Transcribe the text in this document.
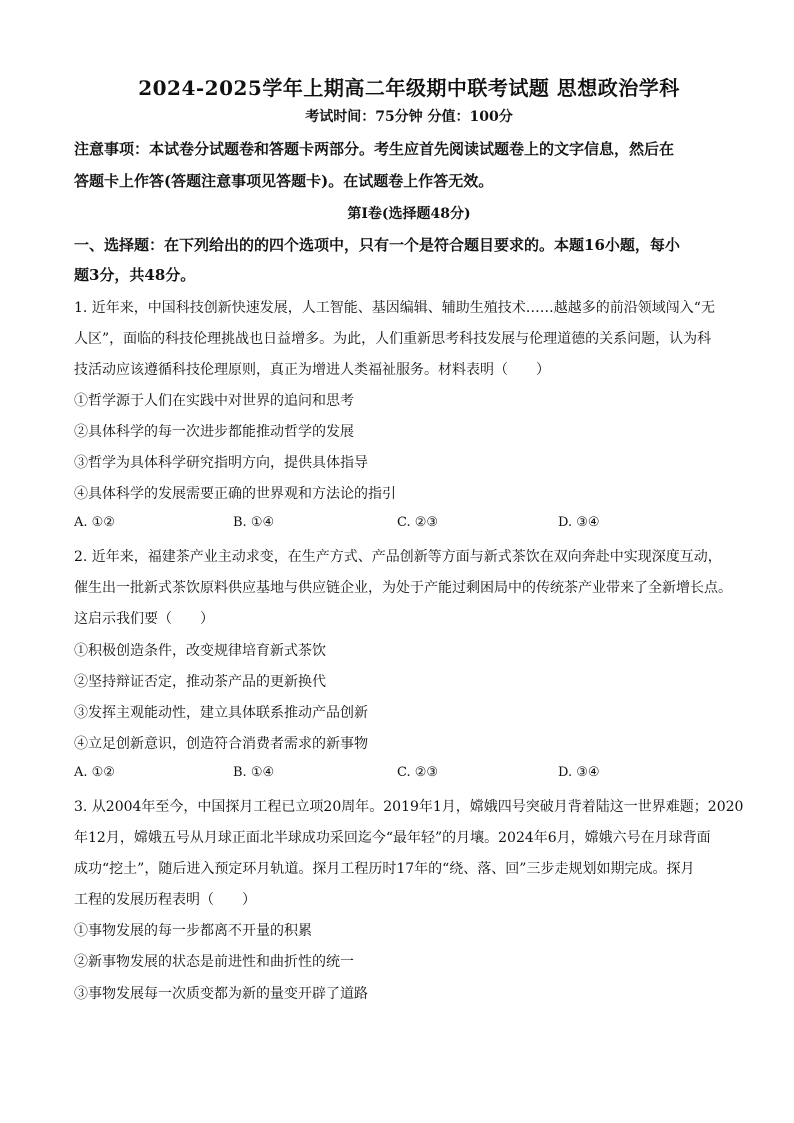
2024-2025学年上期高二年级期中联考试题 思想政治学科
考试时间：75分钟 分值：100分
注意事项：本试卷分试题卷和答题卡两部分。考生应首先阅读试题卷上的文字信息，然后在
答题卡上作答(答题注意事项见答题卡)。在试题卷上作答无效。
第Ⅰ卷(选择题48分)
一、选择题：在下列给出的的四个选项中，只有一个是符合题目要求的。本题16小题，每小
题3分，共48分。
1. 近年来，中国科技创新快速发展，人工智能、基因编辑、辅助生殖技术……越越多的前沿领域闯入“无
人区”，面临的科技伦理挑战也日益增多。为此，人们重新思考科技发展与伦理道德的关系问题，认为科
技活动应该遵循科技伦理原则，真正为增进人类福祉服务。材料表明（　　）
①哲学源于人们在实践中对世界的追问和思考
②具体科学的每一次进步都能推动哲学的发展
③哲学为具体科学研究指明方向，提供具体指导
④具体科学的发展需要正确的世界观和方法论的指引
A. ①②	B. ①④	C. ②③	D. ③④
2. 近年来，福建茶产业主动求变，在生产方式、产品创新等方面与新式茶饮在双向奔赴中实现深度互动，
催生出一批新式茶饮原料供应基地与供应链企业，为处于产能过剩困局中的传统茶产业带来了全新增长点。
这启示我们要（　　）
①积极创造条件，改变规律培育新式茶饮
②坚持辩证否定，推动茶产品的更新换代
③发挥主观能动性，建立具体联系推动产品创新
④立足创新意识，创造符合消费者需求的新事物
A. ①②	B. ①④	C. ②③	D. ③④
3. 从2004年至今，中国探月工程已立项20周年。2019年1月，嫦娥四号突破月背着陆这一世界难题；2020
年12月，嫦娥五号从月球正面北半球成功采回迄今“最年轻”的月壤。2024年6月，嫦娥六号在月球背面
成功“挖土”，随后进入预定环月轨道。探月工程历时17年的“绕、落、回”三步走规划如期完成。探月
工程的发展历程表明（　　）
①事物发展的每一步都离不开量的积累
②新事物发展的状态是前进性和曲折性的统一
③事物发展每一次质变都为新的量变开辟了道路
